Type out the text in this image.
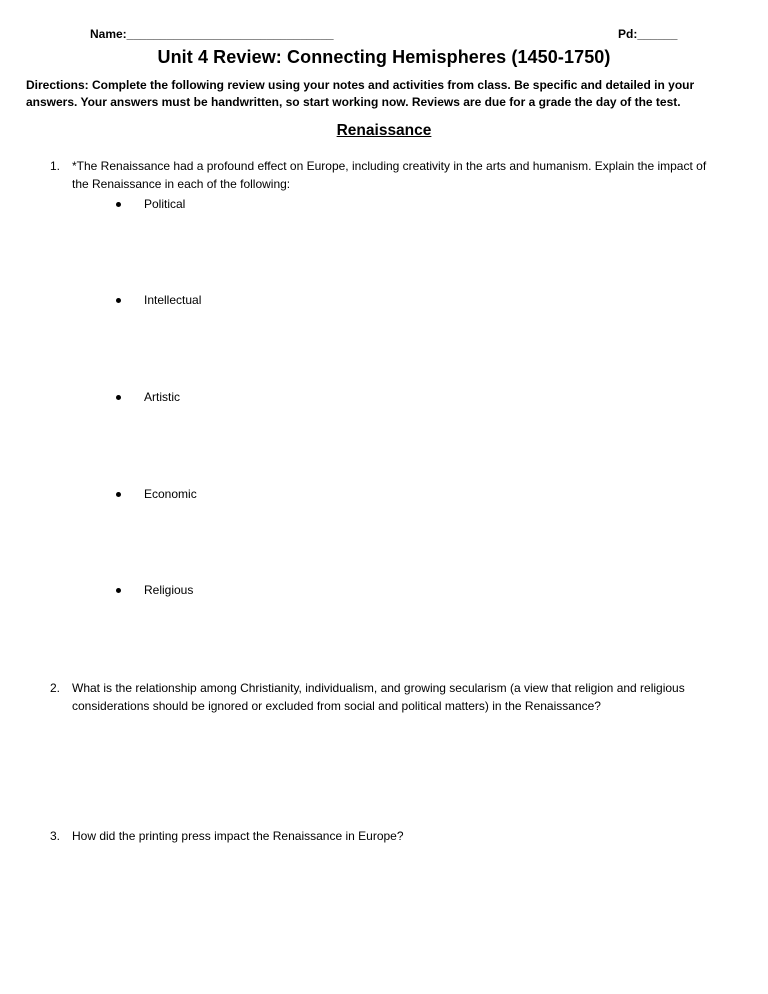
Name:_______________________________	Pd:______
Unit 4 Review: Connecting Hemispheres (1450-1750)

Directions: Complete the following review using your notes and activities from class. Be specific and detailed in your answers. Your answers must be handwritten, so start working now. Reviews are due for a grade the day of the test.

Renaissance
1. *The Renaissance had a profound effect on Europe, including creativity in the arts and humanism. Explain the impact of the Renaissance in each of the following:
Political
Intellectual
Artistic
Economic
Religious
2. What is the relationship among Christianity, individualism, and growing secularism (a view that religion and religious considerations should be ignored or excluded from social and political matters) in the Renaissance?
3. How did the printing press impact the Renaissance in Europe?
